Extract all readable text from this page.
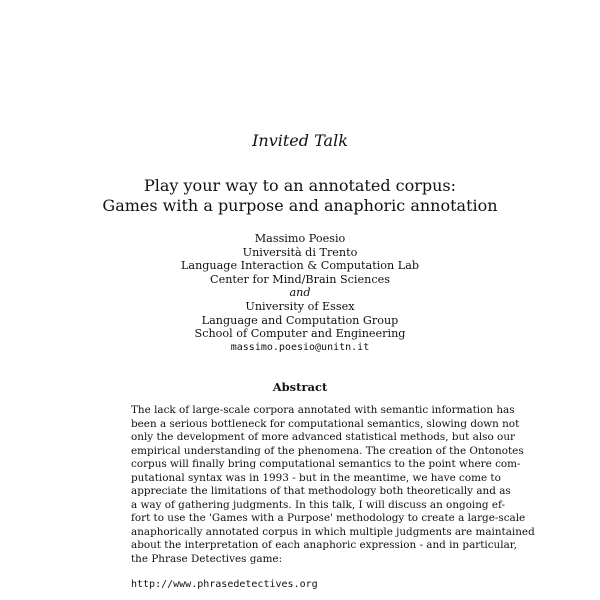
Invited Talk
Play your way to an annotated corpus:
Games with a purpose and anaphoric annotation
Massimo Poesio
Università di Trento
Language Interaction & Computation Lab
Center for Mind/Brain Sciences
and
University of Essex
Language and Computation Group
School of Computer and Engineering
massimo.poesio@unitn.it
Abstract
The lack of large-scale corpora annotated with semantic information has
been a serious bottleneck for computational semantics, slowing down not
only the development of more advanced statistical methods, but also our
empirical understanding of the phenomena. The creation of the Ontonotes
corpus will finally bring computational semantics to the point where com-
putational syntax was in 1993 - but in the meantime, we have come to
appreciate the limitations of that methodology both theoretically and as
a way of gathering judgments. In this talk, I will discuss an ongoing ef-
fort to use the 'Games with a Purpose' methodology to create a large-scale
anaphorically annotated corpus in which multiple judgments are maintained
about the interpretation of each anaphoric expression - and in particular,
the Phrase Detectives game:
http://www.phrasedetectives.org
